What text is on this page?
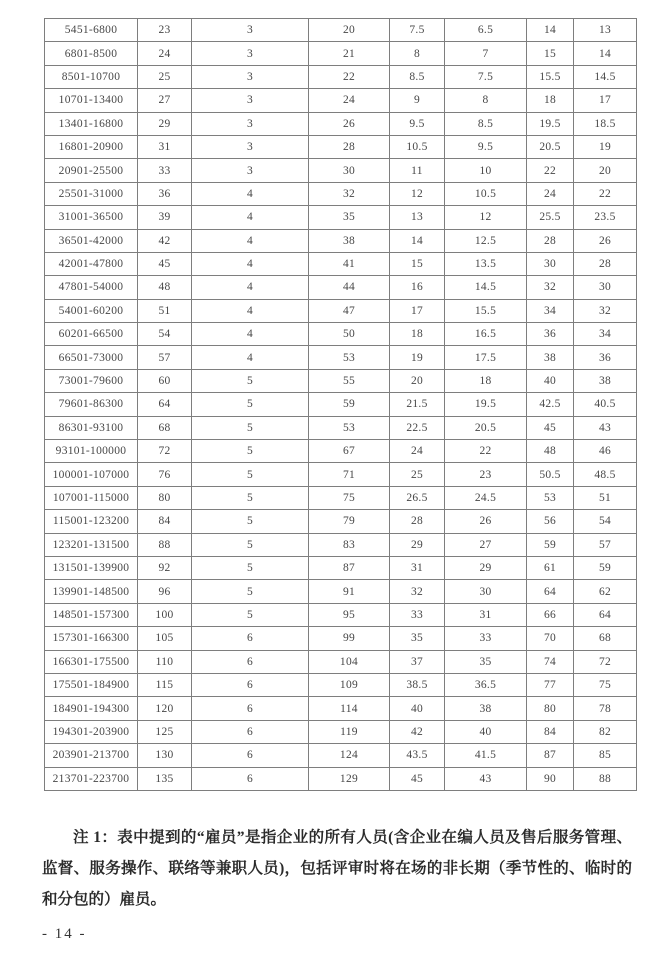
5451-6800	23	3	20	7.5	6.5	14	13
6801-8500	24	3	21	8	7	15	14
8501-10700	25	3	22	8.5	7.5	15.5	14.5
10701-13400	27	3	24	9	8	18	17
13401-16800	29	3	26	9.5	8.5	19.5	18.5
16801-20900	31	3	28	10.5	9.5	20.5	19
20901-25500	33	3	30	11	10	22	20
25501-31000	36	4	32	12	10.5	24	22
31001-36500	39	4	35	13	12	25.5	23.5
36501-42000	42	4	38	14	12.5	28	26
42001-47800	45	4	41	15	13.5	30	28
47801-54000	48	4	44	16	14.5	32	30
54001-60200	51	4	47	17	15.5	34	32
60201-66500	54	4	50	18	16.5	36	34
66501-73000	57	4	53	19	17.5	38	36
73001-79600	60	5	55	20	18	40	38
79601-86300	64	5	59	21.5	19.5	42.5	40.5
86301-93100	68	5	53	22.5	20.5	45	43
93101-100000	72	5	67	24	22	48	46
100001-107000	76	5	71	25	23	50.5	48.5
107001-115000	80	5	75	26.5	24.5	53	51
115001-123200	84	5	79	28	26	56	54
123201-131500	88	5	83	29	27	59	57
131501-139900	92	5	87	31	29	61	59
139901-148500	96	5	91	32	30	64	62
148501-157300	100	5	95	33	31	66	64
157301-166300	105	6	99	35	33	70	68
166301-175500	110	6	104	37	35	74	72
175501-184900	115	6	109	38.5	36.5	77	75
184901-194300	120	6	114	40	38	80	78
194301-203900	125	6	119	42	40	84	82
203901-213700	130	6	124	43.5	41.5	87	85
213701-223700	135	6	129	45	43	90	88

注 1：表中提到的“雇员”是指企业的所有人员(含企业在编人员及售后服务管理、监督、服务操作、联络等兼职人员)，包括评审时将在场的非长期（季节性的、临时的和分包的）雇员。

- 14 -
